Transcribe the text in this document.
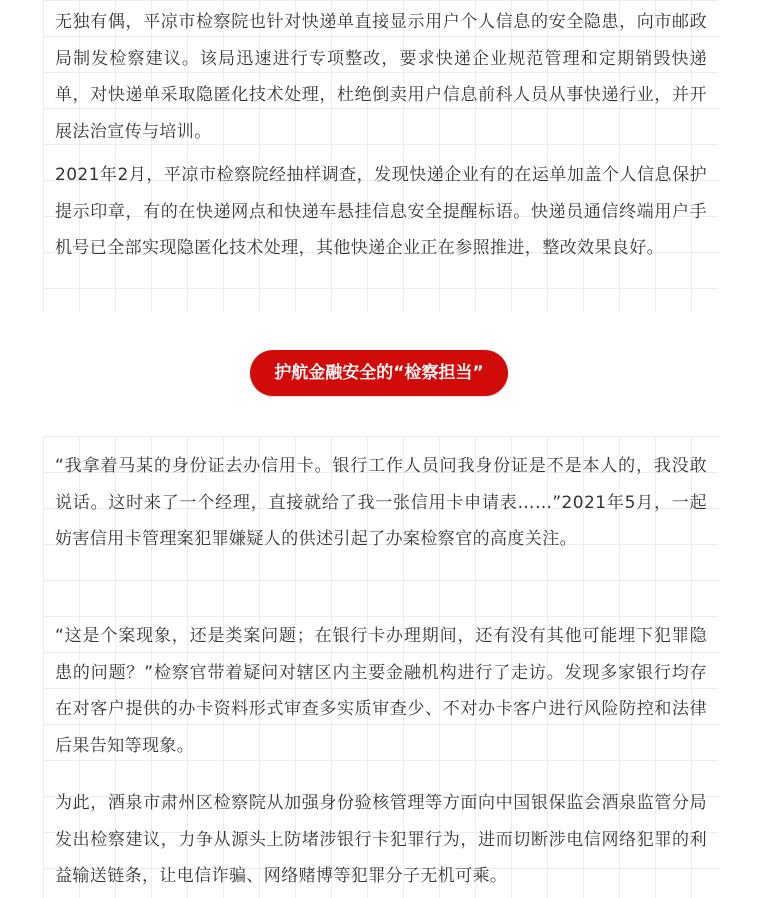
无独有偶，平凉市检察院也针对快递单直接显示用户个人信息的安全隐患，向市邮政局制发检察建议。该局迅速进行专项整改，要求快递企业规范管理和定期销毁快递单，对快递单采取隐匿化技术处理，杜绝倒卖用户信息前科人员从事快递行业，并开展法治宣传与培训。

2021年2月，平凉市检察院经抽样调查，发现快递企业有的在运单加盖个人信息保护提示印章，有的在快递网点和快递车悬挂信息安全提醒标语。快递员通信终端用户手机号已全部实现隐匿化技术处理，其他快递企业正在参照推进，整改效果良好。

护航金融安全的“检察担当”

“我拿着马某的身份证去办信用卡。银行工作人员问我身份证是不是本人的，我没敢说话。这时来了一个经理，直接就给了我一张信用卡申请表……”2021年5月，一起妨害信用卡管理案犯罪嫌疑人的供述引起了办案检察官的高度关注。

“这是个案现象，还是类案问题；在银行卡办理期间，还有没有其他可能埋下犯罪隐患的问题？”检察官带着疑问对辖区内主要金融机构进行了走访。发现多家银行均存在对客户提供的办卡资料形式审查多实质审查少、不对办卡客户进行风险防控和法律后果告知等现象。

为此，酒泉市肃州区检察院从加强身份验核管理等方面向中国银保监会酒泉监管分局发出检察建议，力争从源头上防堵涉银行卡犯罪行为，进而切断涉电信网络犯罪的利益输送链条，让电信诈骗、网络赌博等犯罪分子无机可乘。
